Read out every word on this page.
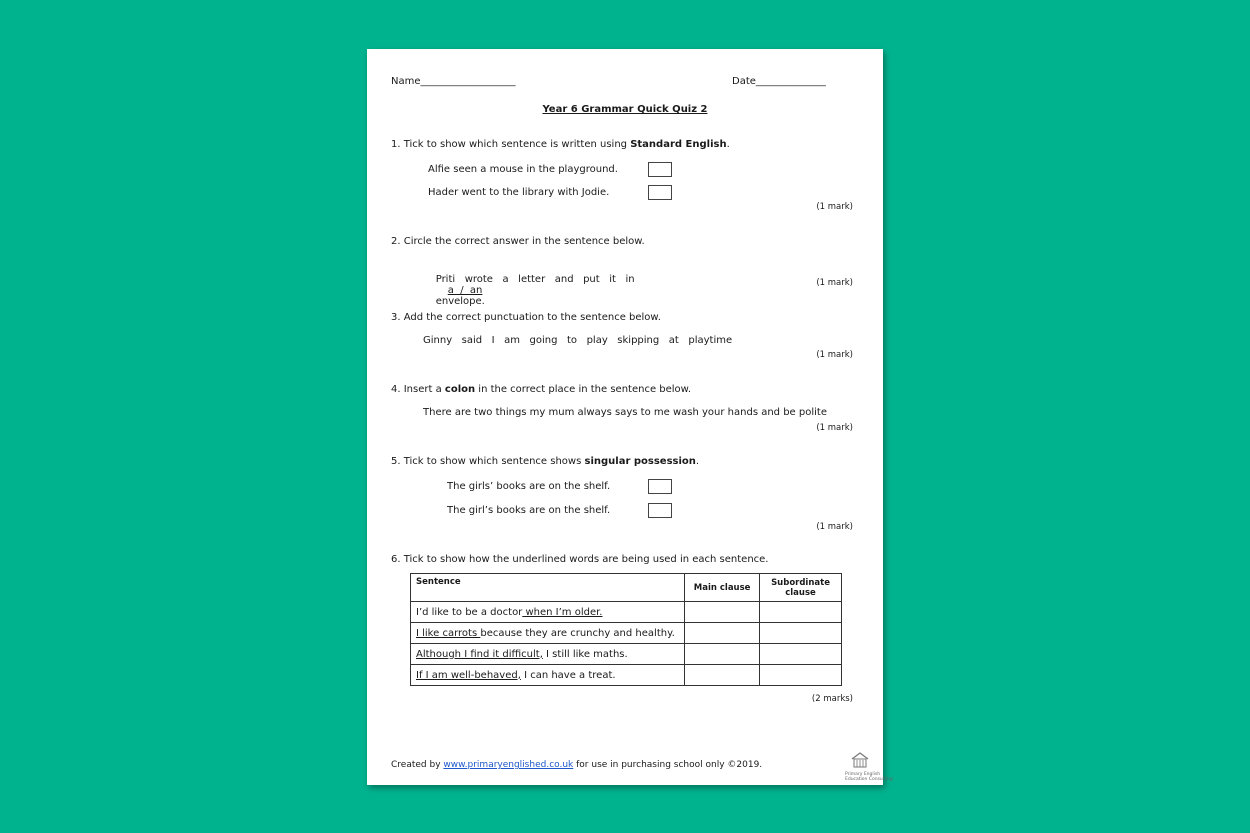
Name___________________	Date______________
Year 6 Grammar Quick Quiz 2
1. Tick to show which sentence is written using Standard English.
Alfie seen a mouse in the playground.
Hader went to the library with Jodie.
(1 mark)
2. Circle the correct answer in the sentence below.

Priti   wrote   a   letter   and   put   it   in
a  /  an
envelope.

(1 mark)
3. Add the correct punctuation to the sentence below.
Ginny   said   I   am   going   to   play   skipping   at   playtime
(1 mark)
4. Insert a colon in the correct place in the sentence below.
There are two things my mum always says to me wash your hands and be polite
(1 mark)
5. Tick to show which sentence shows singular possession.
The girls’ books are on the shelf.
The girl’s books are on the shelf.
(1 mark)
6. Tick to show how the underlined words are being used in each sentence.
Sentence	Main clause	Subordinate clause
I’d like to be a doctor when I’m older.		
I like carrots because they are crunchy and healthy.		
Although I find it difficult, I still like maths.		
If I am well-behaved, I can have a treat.		
(2 marks)
Created by www.primaryenglished.co.uk for use in purchasing school only ©2019.
Primary English
Education Consulting
